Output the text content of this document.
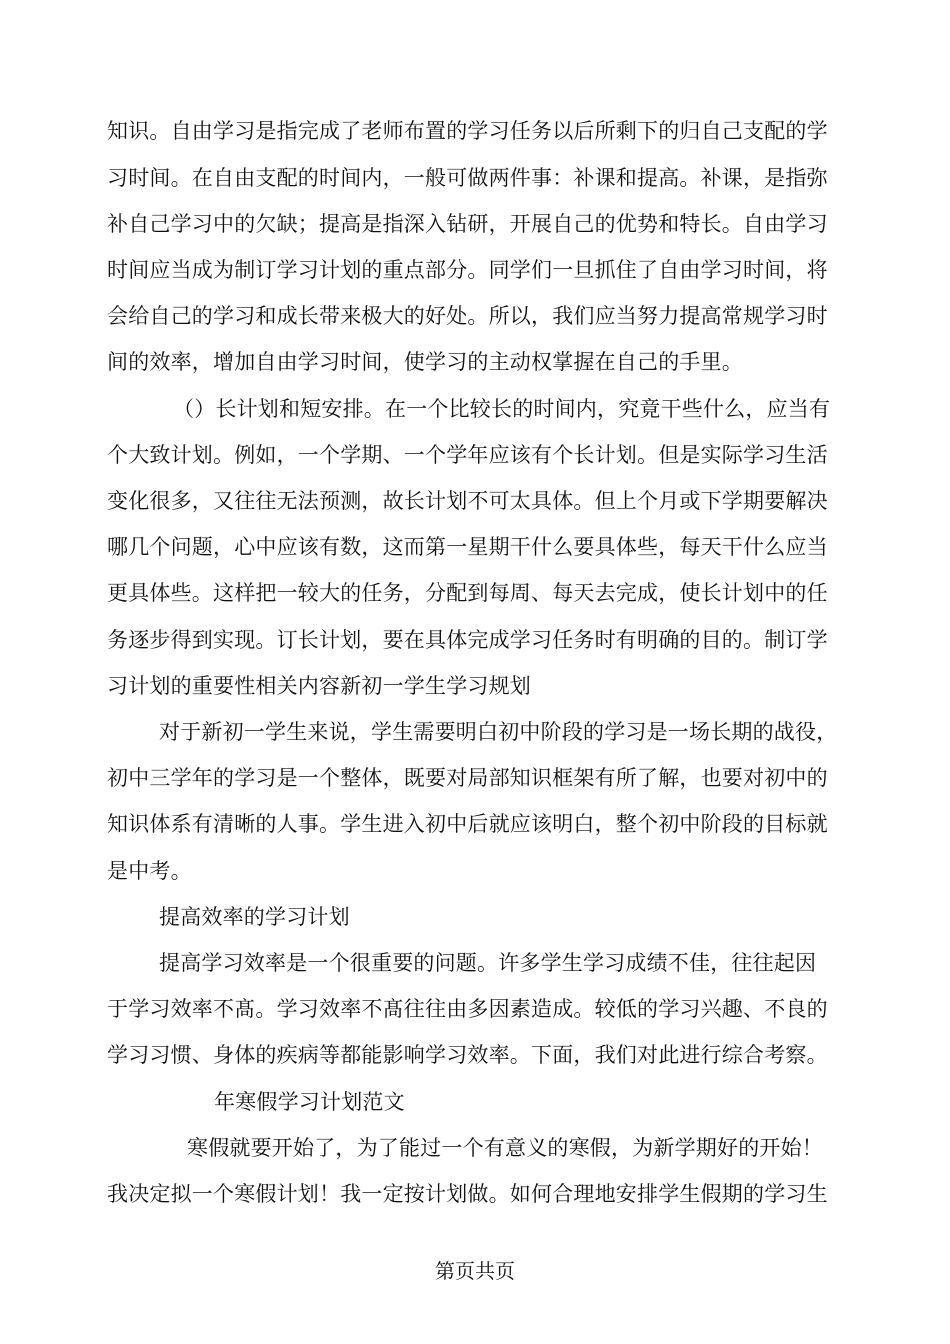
知识。自由学习是指完成了老师布置的学习任务以后所剩下的归自己支配的学
习时间。在自由支配的时间内，一般可做两件事：补课和提高。补课，是指弥
补自己学习中的欠缺；提高是指深入钻研，开展自己的优势和特长。自由学习
时间应当成为制订学习计划的重点部分。同学们一旦抓住了自由学习时间，将
会给自己的学习和成长带来极大的好处。所以，我们应当努力提高常规学习时
间的效率，增加自由学习时间，使学习的主动权掌握在自己的手里。
（）长计划和短安排。在一个比较长的时间内，究竟干些什么，应当有
个大致计划。例如，一个学期、一个学年应该有个长计划。但是实际学习生活
变化很多，又往往无法预测，故长计划不可太具体。但上个月或下学期要解决
哪几个问题，心中应该有数，这而第一星期干什么要具体些，每天干什么应当
更具体些。这样把一较大的任务，分配到每周、每天去完成，使长计划中的任
务逐步得到实现。订长计划，要在具体完成学习任务时有明确的目的。制订学
习计划的重要性相关内容新初一学生学习规划
对于新初一学生来说，学生需要明白初中阶段的学习是一场长期的战役，
初中三学年的学习是一个整体，既要对局部知识框架有所了解，也要对初中的
知识体系有清晰的人事。学生进入初中后就应该明白，整个初中阶段的目标就
是中考。
提高效率的学习计划
提高学习效率是一个很重要的问题。许多学生学习成绩不佳，往往起因
于学习效率不髙。学习效率不髙往往由多因素造成。较低的学习兴趣、不良的
学习习惯、身体的疾病等都能影响学习效率。下面，我们对此进行综合考察。
年寒假学习计划范文
寒假就要开始了，为了能过一个有意义的寒假，为新学期好的开始！
我决定拟一个寒假计划！我一定按计划做。如何合理地安排学生假期的学习生
第页共页
